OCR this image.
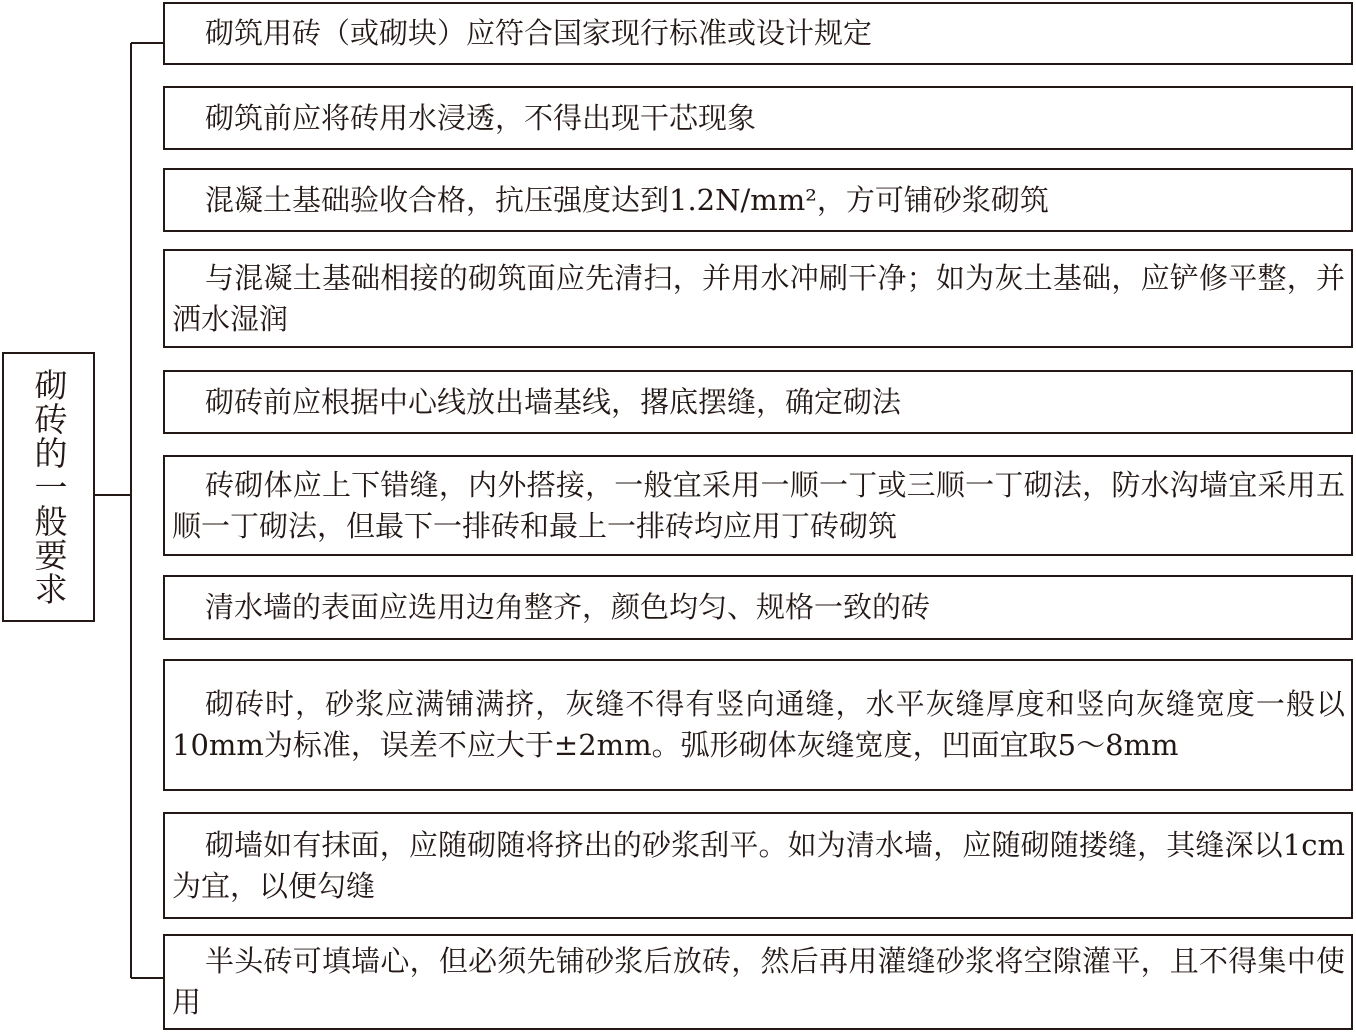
砌砖的一般要求

砌筑用砖（或砌块）应符合国家现行标准或设计规定

砌筑前应将砖用水浸透，不得出现干芯现象

混凝土基础验收合格，抗压强度达到1.2N/mm²，方可铺砂浆砌筑

与混凝土基础相接的砌筑面应先清扫，并用水冲刷干净；如为灰土基础，应铲修平整，并洒水湿润

砌砖前应根据中心线放出墙基线，撂底摆缝，确定砌法

砖砌体应上下错缝，内外搭接，一般宜采用一顺一丁或三顺一丁砌法，防水沟墙宜采用五顺一丁砌法，但最下一排砖和最上一排砖均应用丁砖砌筑

清水墙的表面应选用边角整齐，颜色均匀、规格一致的砖

砌砖时，砂浆应满铺满挤，灰缝不得有竖向通缝，水平灰缝厚度和竖向灰缝宽度一般以10mm为标准，误差不应大于±2mm。弧形砌体灰缝宽度，凹面宜取5～8mm

砌墙如有抹面，应随砌随将挤出的砂浆刮平。如为清水墙，应随砌随搂缝，其缝深以1cm为宜，以便勾缝

半头砖可填墙心，但必须先铺砂浆后放砖，然后再用灌缝砂浆将空隙灌平，且不得集中使用
